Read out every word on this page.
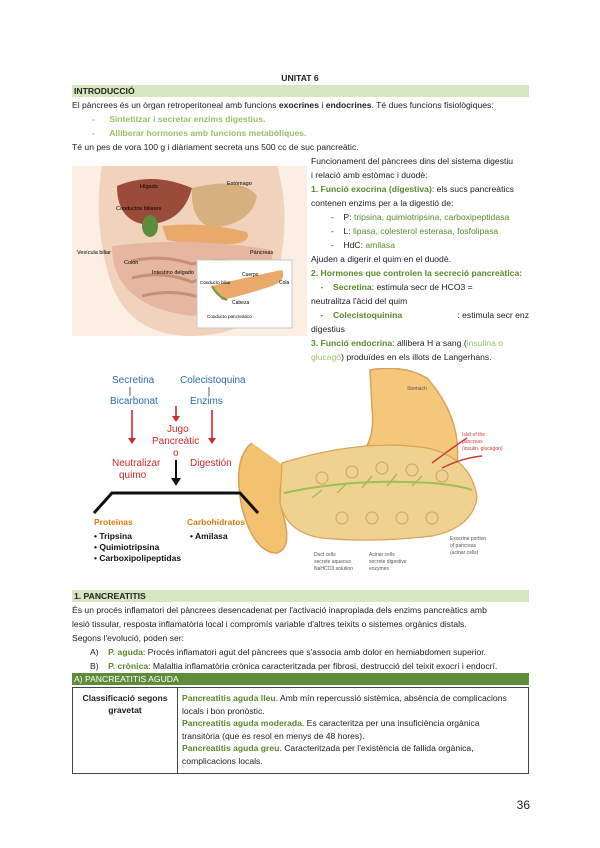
UNITAT 6
INTRODUCCIÓ
El pàncrees és un òrgan retroperitoneal amb funcions exocrines i endocrines. Té dues funcions fisiològiques:
-      Sintetitzar i secretar enzims digestius.
-      Alliberar hormones amb funcions metabòliques.
Té un pes de vora 100 g i diàriament secreta uns 500 cc de suc pancreàtic.
Hígado	Estómago
Conductos biliares
Vesícula biliar
Colon
Intestino delgado
Páncreas
Cuerpo
Cola
Cabeza
Conducto biliar
Conducto pancreático
Funcionament del pàncrees dins del sistema digestiu
i relació amb estòmac i duodè:
1. Funció exocrina (digestiva): els sucs pancreàtics
contenen enzims per a la digestió de:
-    P: tripsina, quimiotripsina, carboxipeptidasa
-    L: lipasa, colesterol esterasa, fosfolipasa
-    HdC: amilasa
Ajuden a digerir el quim en el duodè.
2. Hormones que controlen la secreció pancreàtica:
-    Secretina: estimula secr de HCO3 =
neutralitza l'àcid del quim
-    Colecistoquinina	: estimula secr enz
digestius
3. Funció endocrina: allibera H a sang (insulina o
glucagó) produïdes en els illots de Langerhans.
Stomach
Islet of the
pancreas
(insulin, glucagon)
Exocrine portion
of pancreas
(acinar cells)
Duct cells
secrete aqueous
NaHCO3 solution
Acinar cells
secrete digestive
enzymes
Secretina	Colecistoquina
Bicarbonat	Enzims
Jugo
Pancreàtic
o
Neutralizar
quimo
Digestión
Proteïnas	Carbohidratos
• Tripsina
• Quimiotripsina
• Carboxipolipeptidas
• Amilasa
1. PANCREATITIS
És un procés inflamatori del pàncrees desencadenat per l'activació inapropiada dels enzims pancreàtics amb
lesió tissular, resposta inflamatòria local i compromís variable d'altres teixits o sistemes orgànics distals.
Segons l'evolució, poden ser:
A) P. aguda: Procés inflamatori agut del pàncrees que s'associa amb dolor en hemiabdomen superior.
B) P. crònica: Malaltia inflamatòria crònica caracteritzada per fibrosi, destrucció del teixit exocrí i endocrí.
A) PANCREATITIS AGUDA
Classificació segons
gravetat	Pancreatitis aguda lleu. Amb mín repercussió sistèmica, absència de complicacions
locals i bon pronòstic.
Pancreatitis aguda moderada. Es caracteritza per una insuficiència orgànica
transitòria (que es resol en menys de 48 hores).
Pancreatitis aguda greu. Caracteritzada per l'existència de fallida orgànica,
complicacions locals.
36
